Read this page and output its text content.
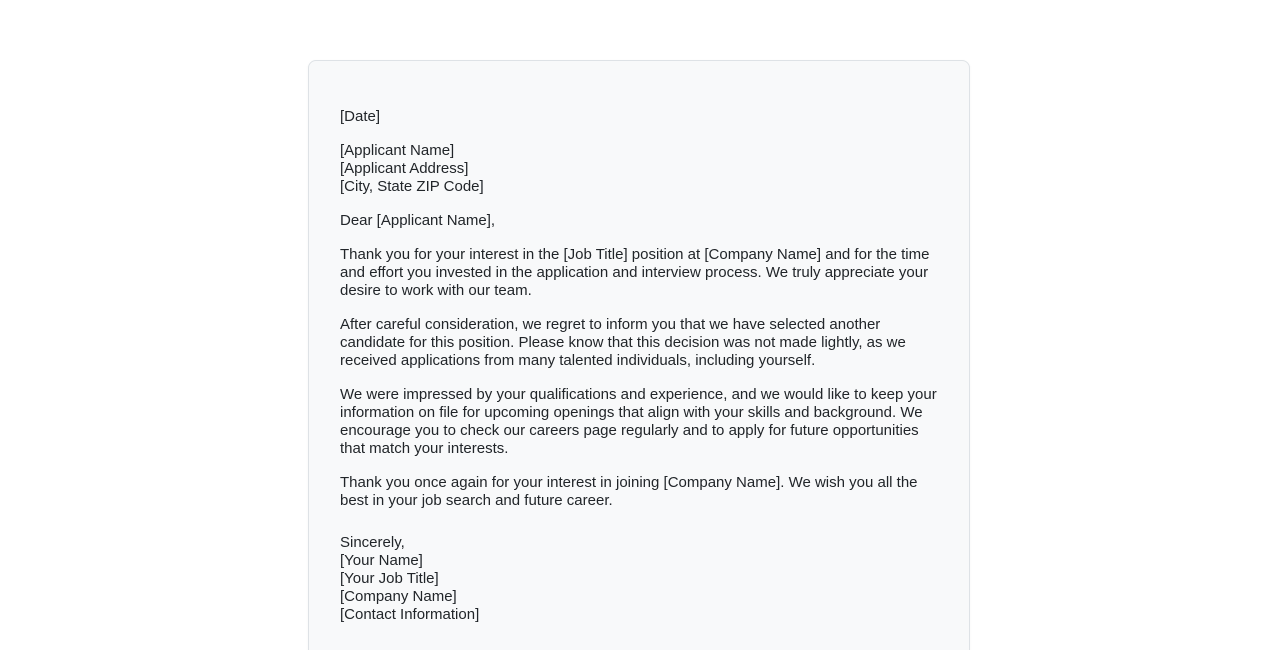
[Date]

[Applicant Name]
[Applicant Address]
[City, State ZIP Code]

Dear [Applicant Name],

Thank you for your interest in the [Job Title] position at [Company Name] and for the time and effort you invested in the application and interview process. We truly appreciate your desire to work with our team.

After careful consideration, we regret to inform you that we have selected another candidate for this position. Please know that this decision was not made lightly, as we received applications from many talented individuals, including yourself.

We were impressed by your qualifications and experience, and we would like to keep your information on file for upcoming openings that align with your skills and background. We encourage you to check our careers page regularly and to apply for future opportunities that match your interests.

Thank you once again for your interest in joining [Company Name]. We wish you all the best in your job search and future career.

Sincerely,
[Your Name]
[Your Job Title]
[Company Name]
[Contact Information]
